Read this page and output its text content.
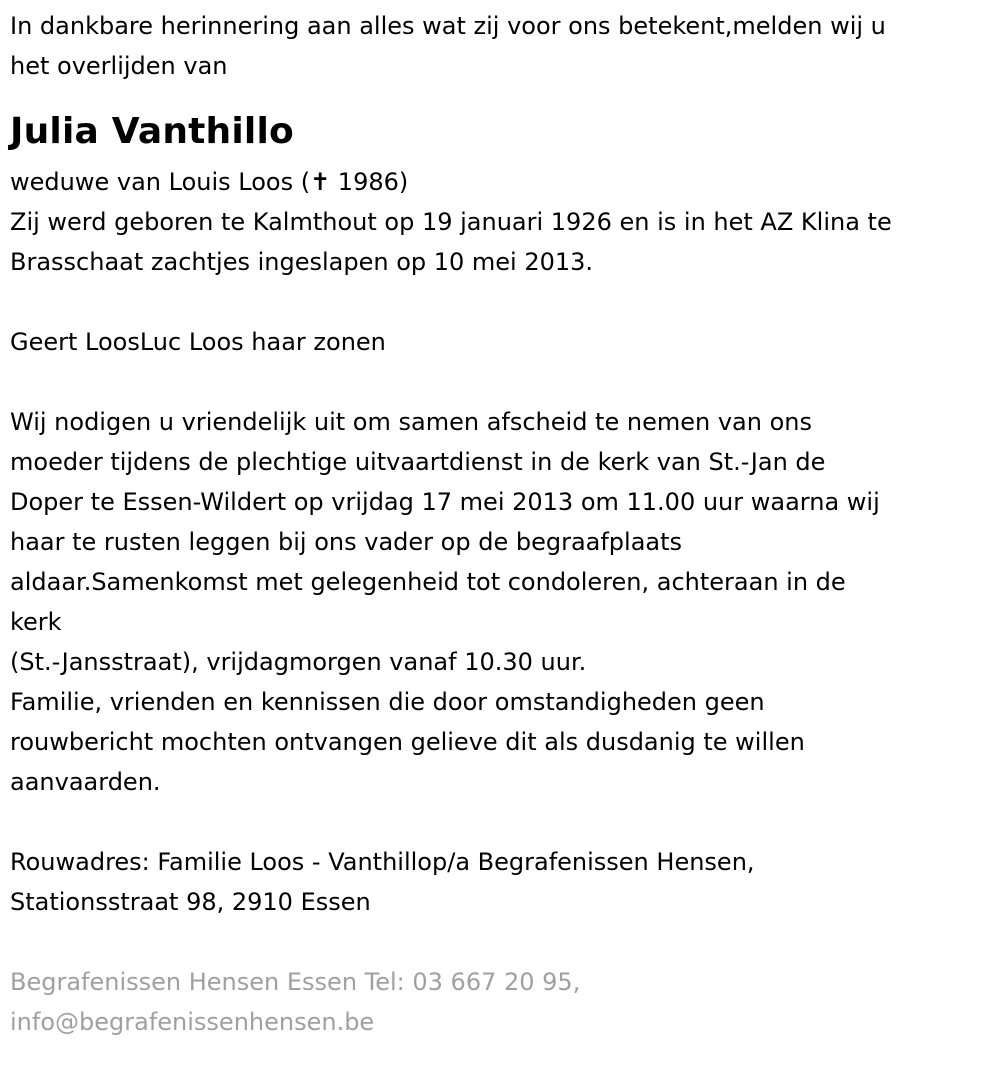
In dankbare herinnering aan alles wat zij voor ons betekent,melden wij u

het overlijden van

Julia Vanthillo

weduwe van Louis Loos (✝ 1986)

Zij werd geboren te Kalmthout op 19 januari 1926 en is in het AZ Klina te

Brasschaat zachtjes ingeslapen op 10 mei 2013.

Geert LoosLuc Loos haar zonen

Wij nodigen u vriendelijk uit om samen afscheid te nemen van ons

moeder tijdens de plechtige uitvaartdienst in de kerk van St.-Jan de

Doper te Essen-Wildert op vrijdag 17 mei 2013 om 11.00 uur waarna wij

haar te rusten leggen bij ons vader op de begraafplaats

aldaar.Samenkomst met gelegenheid tot condoleren, achteraan in de

kerk

(St.-Jansstraat), vrijdagmorgen vanaf 10.30 uur.

Familie, vrienden en kennissen die door omstandigheden geen

rouwbericht mochten ontvangen gelieve dit als dusdanig te willen

aanvaarden.

Rouwadres: Familie Loos - Vanthillop/a Begrafenissen Hensen,

Stationsstraat 98, 2910 Essen

Begrafenissen Hensen Essen Tel: 03 667 20 95,

info@begrafenissenhensen.be
